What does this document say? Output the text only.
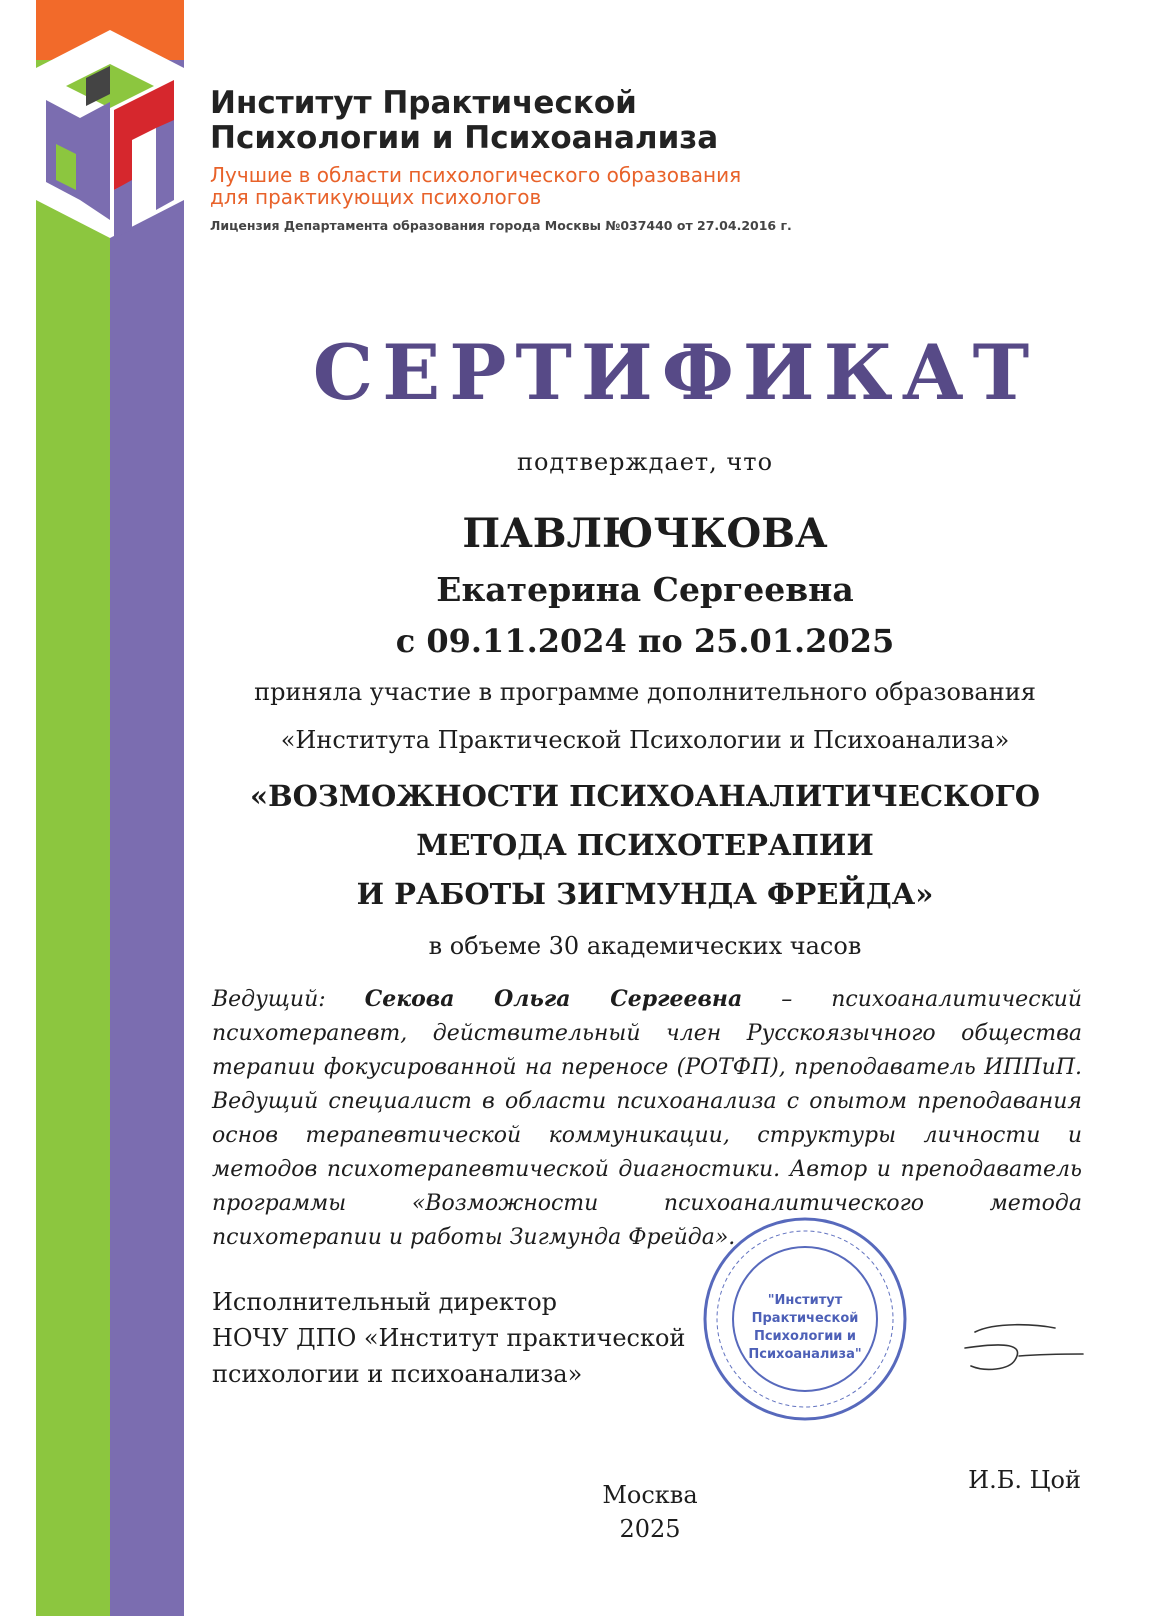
Институт Практической
Психологии и Психоанализа
Лучшие в области психологического образования
для практикующих психологов
Лицензия Департамента образования города Москвы №037440 от 27.04.2016 г.
СЕРТИФИКАТ
подтверждает, что
ПАВЛЮЧКОВА
Екатерина Сергеевна
с 09.11.2024 по 25.01.2025
приняла участие в программе дополнительного образования
«Института Практической Психологии и Психоанализа»
«ВОЗМОЖНОСТИ ПСИХОАНАЛИТИЧЕСКОГО
МЕТОДА ПСИХОТЕРАПИИ
И РАБОТЫ ЗИГМУНДА ФРЕЙДА»
в объеме 30 академических часов
Ведущий: Секова Ольга Сергеевна – психоаналитический психотерапевт, действительный член Русскоязычного общества терапии фокусированной на переносе (РОТФП), преподаватель ИППиП. Ведущий специалист в области психоанализа с опытом преподавания основ терапевтической коммуникации, структуры личности и методов психотерапевтической диагностики. Автор и преподаватель программы «Возможности психоаналитического метода психотерапии и работы Зигмунда Фрейда».
Исполнительный директор
НОЧУ ДПО «Институт практической
психологии и психоанализа»
"Институт
Практической
Психологии и
Психоанализа"
И.Б. Цой
Москва
2025
